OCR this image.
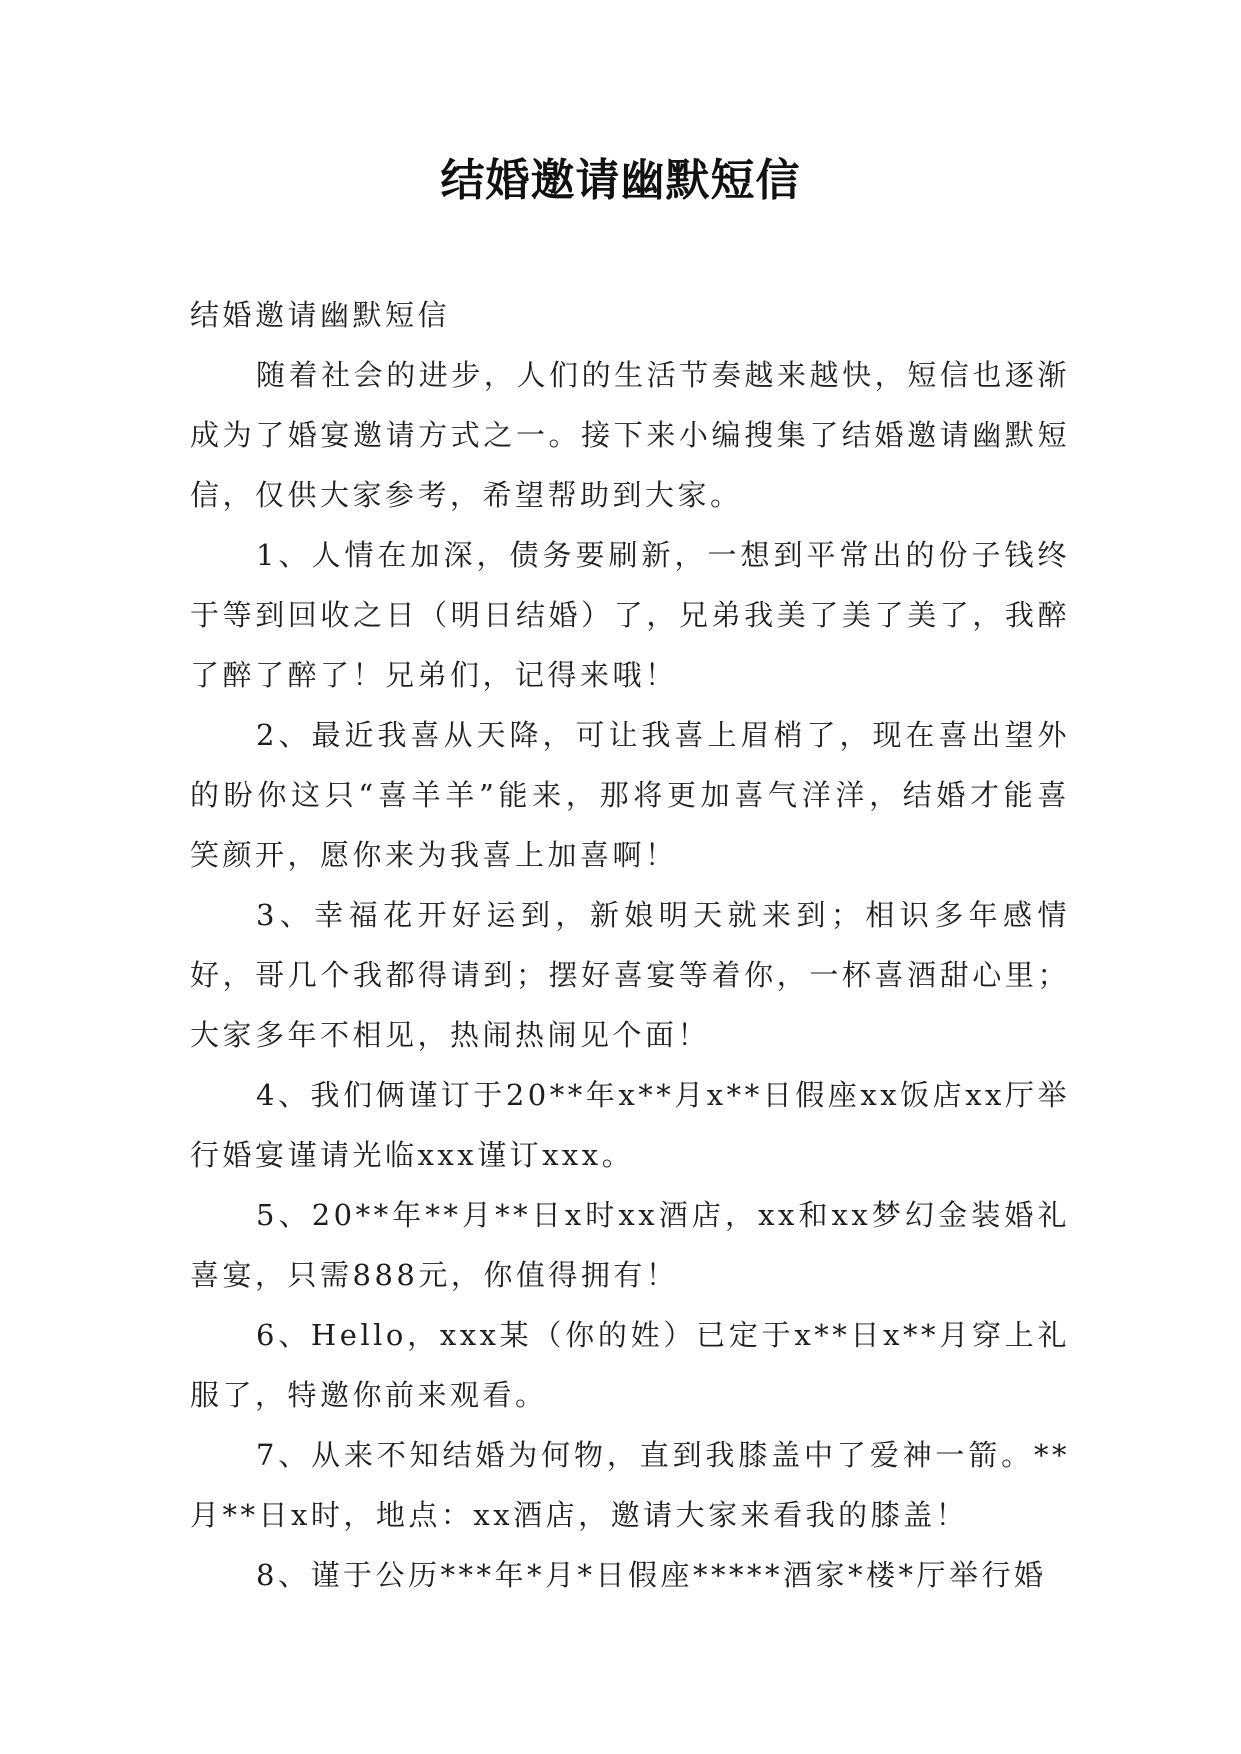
结婚邀请幽默短信

结婚邀请幽默短信

随着社会的进步，人们的生活节奏越来越快，短信也逐渐成为了婚宴邀请方式之一。接下来小编搜集了结婚邀请幽默短信，仅供大家参考，希望帮助到大家。

1、人情在加深，债务要刷新，一想到平常出的份子钱终于等到回收之日（明日结婚）了，兄弟我美了美了美了，我醉了醉了醉了！兄弟们，记得来哦！

2、最近我喜从天降，可让我喜上眉梢了，现在喜出望外的盼你这只“喜羊羊”能来，那将更加喜气洋洋，结婚才能喜笑颜开，愿你来为我喜上加喜啊！

3、幸福花开好运到，新娘明天就来到；相识多年感情好，哥几个我都得请到；摆好喜宴等着你，一杯喜酒甜心里；大家多年不相见，热闹热闹见个面！

4、我们俩谨订于20**年x**月x**日假座xx饭店xx厅举行婚宴谨请光临xxx谨订xxx。

5、20**年**月**日x时xx酒店，xx和xx梦幻金装婚礼喜宴，只需888元，你值得拥有！

6、Hello，xxx某（你的姓）已定于x**日x**月穿上礼服了，特邀你前来观看。

7、从来不知结婚为何物，直到我膝盖中了爱神一箭。**月**日x时，地点：xx酒店，邀请大家来看我的膝盖！

8、谨于公历***年*月*日假座*****酒家*楼*厅举行婚
